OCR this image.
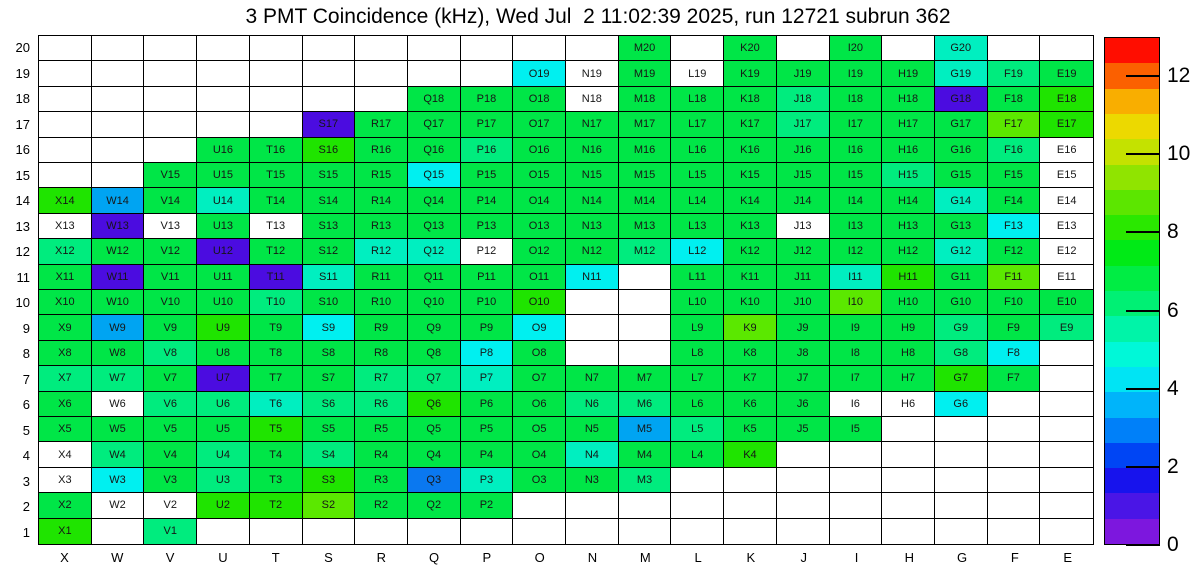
3 PMT Coincidence (kHz), Wed Jul  2 11:02:39 2025, run 12721 subrun 362
M20	K20	I20	G20
O19	N19	M19	L19	K19	J19	I19	H19	G19	F19	E19
Q18	P18	O18	N18	M18	L18	K18	J18	I18	H18	G18	F18	E18
S17	R17	Q17	P17	O17	N17	M17	L17	K17	J17	I17	H17	G17	F17	E17
U16	T16	S16	R16	Q16	P16	O16	N16	M16	L16	K16	J16	I16	H16	G16	F16	E16
V15	U15	T15	S15	R15	Q15	P15	O15	N15	M15	L15	K15	J15	I15	H15	G15	F15	E15
X14	W14	V14	U14	T14	S14	R14	Q14	P14	O14	N14	M14	L14	K14	J14	I14	H14	G14	F14	E14
X13	W13	V13	U13	T13	S13	R13	Q13	P13	O13	N13	M13	L13	K13	J13	I13	H13	G13	F13	E13
X12	W12	V12	U12	T12	S12	R12	Q12	P12	O12	N12	M12	L12	K12	J12	I12	H12	G12	F12	E12
X11	W11	V11	U11	T11	S11	R11	Q11	P11	O11	N11	L11	K11	J11	I11	H11	G11	F11	E11
X10	W10	V10	U10	T10	S10	R10	Q10	P10	O10	L10	K10	J10	I10	H10	G10	F10	E10
X9	W9	V9	U9	T9	S9	R9	Q9	P9	O9	L9	K9	J9	I9	H9	G9	F9	E9
X8	W8	V8	U8	T8	S8	R8	Q8	P8	O8	L8	K8	J8	I8	H8	G8	F8
X7	W7	V7	U7	T7	S7	R7	Q7	P7	O7	N7	M7	L7	K7	J7	I7	H7	G7	F7
X6	W6	V6	U6	T6	S6	R6	Q6	P6	O6	N6	M6	L6	K6	J6	I6	H6	G6
X5	W5	V5	U5	T5	S5	R5	Q5	P5	O5	N5	M5	L5	K5	J5	I5
X4	W4	V4	U4	T4	S4	R4	Q4	P4	O4	N4	M4	L4	K4
X3	W3	V3	U3	T3	S3	R3	Q3	P3	O3	N3	M3
X2	W2	V2	U2	T2	S2	R2	Q2	P2
X1	V1
20
19
18
17
16
15
14
13
12
11
10
9
8
7
6
5
4
3
2
1
X	W	V	U	T	S	R	Q	P	O	N	M	L	K	J	I	H	G	F	E
0
2
4
6
8
10
12
